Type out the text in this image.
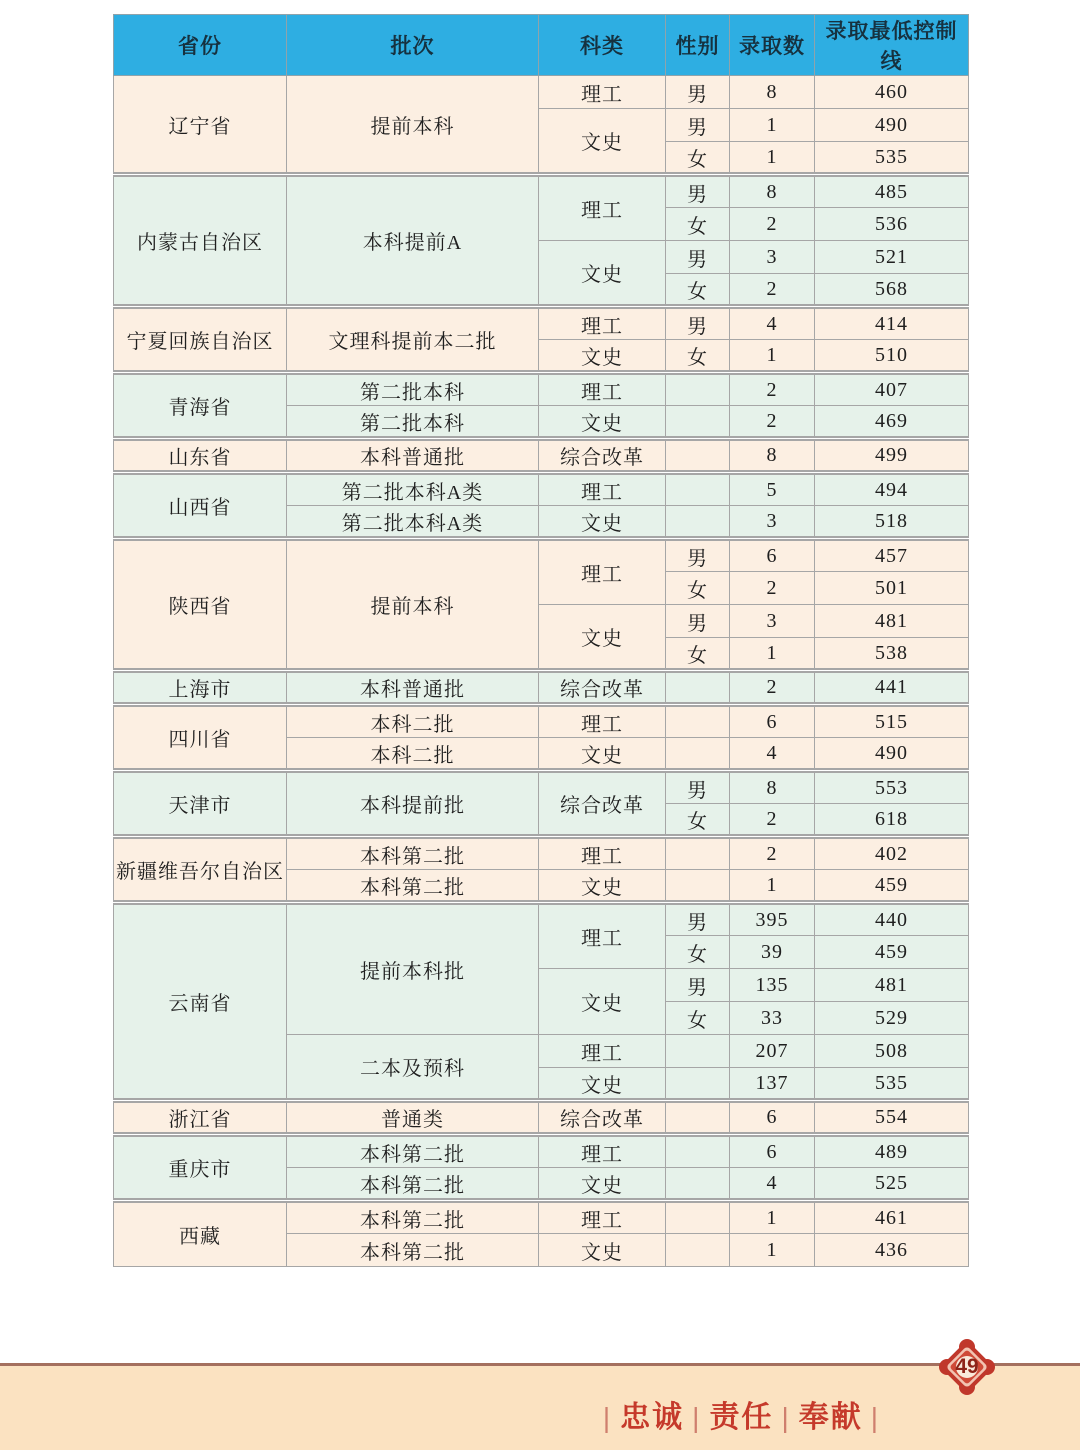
省份	批次	科类	性别	录取数	录取最低控制线
辽宁省	提前本科	理工	男	8	460
		文史	男	1	490
			女	1	535
内蒙古自治区	本科提前A	理工	男	8	485
			女	2	536
		文史	男	3	521
			女	2	568
宁夏回族自治区	文理科提前本二批	理工	男	4	414
		文史	女	1	510
青海省	第二批本科	理工		2	407
	第二批本科	文史		2	469
山东省	本科普通批	综合改革		8	499
山西省	第二批本科A类	理工		5	494
	第二批本科A类	文史		3	518
陕西省	提前本科	理工	男	6	457
			女	2	501
		文史	男	3	481
			女	1	538
上海市	本科普通批	综合改革		2	441
四川省	本科二批	理工		6	515
	本科二批	文史		4	490
天津市	本科提前批	综合改革	男	8	553
			女	2	618
新疆维吾尔自治区	本科第二批	理工		2	402
	本科第二批	文史		1	459
云南省	提前本科批	理工	男	395	440
			女	39	459
		文史	男	135	481
			女	33	529
	二本及预科	理工		207	508
		文史		137	535
浙江省	普通类	综合改革		6	554
重庆市	本科第二批	理工		6	489
	本科第二批	文史		4	525
西藏	本科第二批	理工		1	461
	本科第二批	文史		1	436
| 忠诚 | 责任 | 奉献 |
49
